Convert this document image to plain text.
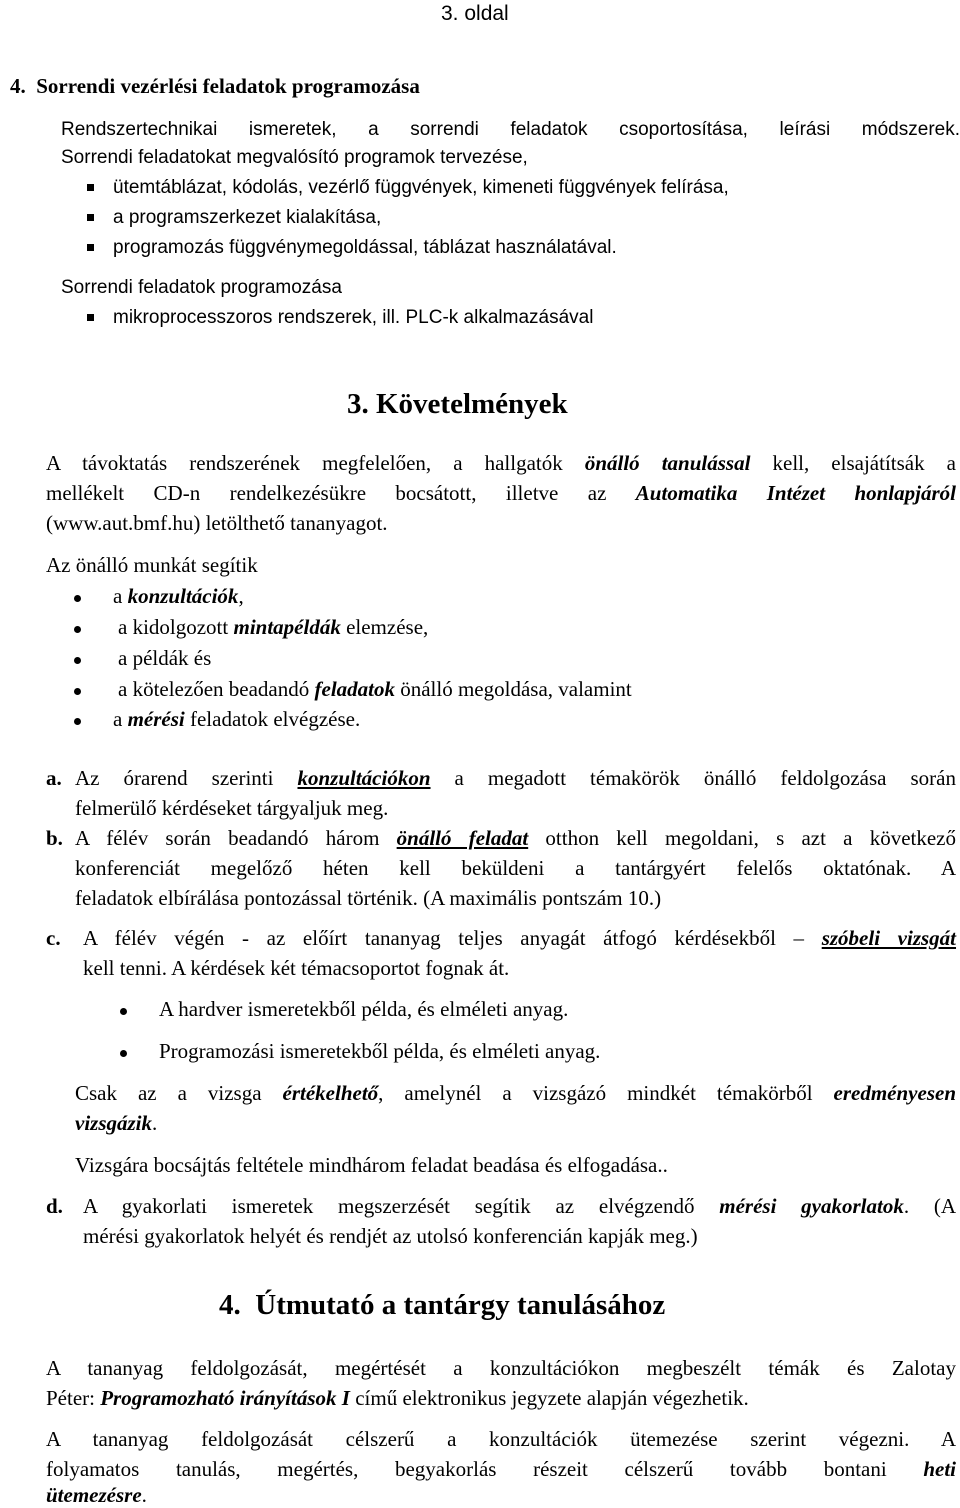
3. oldal
4.  Sorrendi vezérlési feladatok programozása
Rendszertechnikai ismeretek, a sorrendi feladatok csoportosítása, leírási módszerek.
Sorrendi feladatokat megvalósító programok tervezése,
ütemtáblázat, kódolás, vezérlő függvények, kimeneti függvények felírása,
a programszerkezet kialakítása,
programozás függvénymegoldással, táblázat használatával.
Sorrendi feladatok programozása
mikroprocesszoros rendszerek, ill. PLC-k alkalmazásával
3. Követelmények
A távoktatás rendszerének megfelelően, a hallgatók önálló tanulással kell, elsajátítsák a
mellékelt CD-n rendelkezésükre bocsátott, illetve az Automatika Intézet honlapjáról
(www.aut.bmf.hu) letölthető tananyagot.
Az önálló munkát segítik
a konzultációk,
a kidolgozott mintapéldák elemzése,
a példák és
a kötelezően beadandó feladatok önálló megoldása, valamint
a mérési feladatok elvégzése.
a. Az órarend szerinti konzultációkon a megadott témakörök önálló feldolgozása során
felmerülő kérdéseket tárgyaljuk meg.
b. A félév során beadandó három önálló feladat otthon kell megoldani, s azt a következő
konferenciát megelőző héten kell beküldeni a tantárgyért felelős oktatónak. A
feladatok elbírálása pontozással történik. (A maximális pontszám 10.)
c. A félév végén - az előírt tananyag teljes anyagát átfogó kérdésekből – szóbeli vizsgát
kell tenni. A kérdések két témacsoportot fognak át.
A hardver ismeretekből példa, és elméleti anyag.
Programozási ismeretekből példa, és elméleti anyag.
Csak az a vizsga értékelhető, amelynél a vizsgázó mindkét témakörből eredményesen
vizsgázik.
Vizsgára bocsájtás feltétele mindhárom feladat beadása és elfogadása..
d. A gyakorlati ismeretek megszerzését segítik az elvégzendő mérési gyakorlatok. (A
mérési gyakorlatok helyét és rendjét az utolsó konferencián kapják meg.)
4.  Útmutató a tantárgy tanulásához
A tananyag feldolgozását, megértését a konzultációkon megbeszélt témák és Zalotay
Péter: Programozható irányítások I című elektronikus jegyzete alapján végezhetik.
A tananyag feldolgozását célszerű a konzultációk ütemezése szerint végezni. A
folyamatos tanulás, megértés, begyakorlás részeit célszerű tovább bontani heti
ütemezésre.
